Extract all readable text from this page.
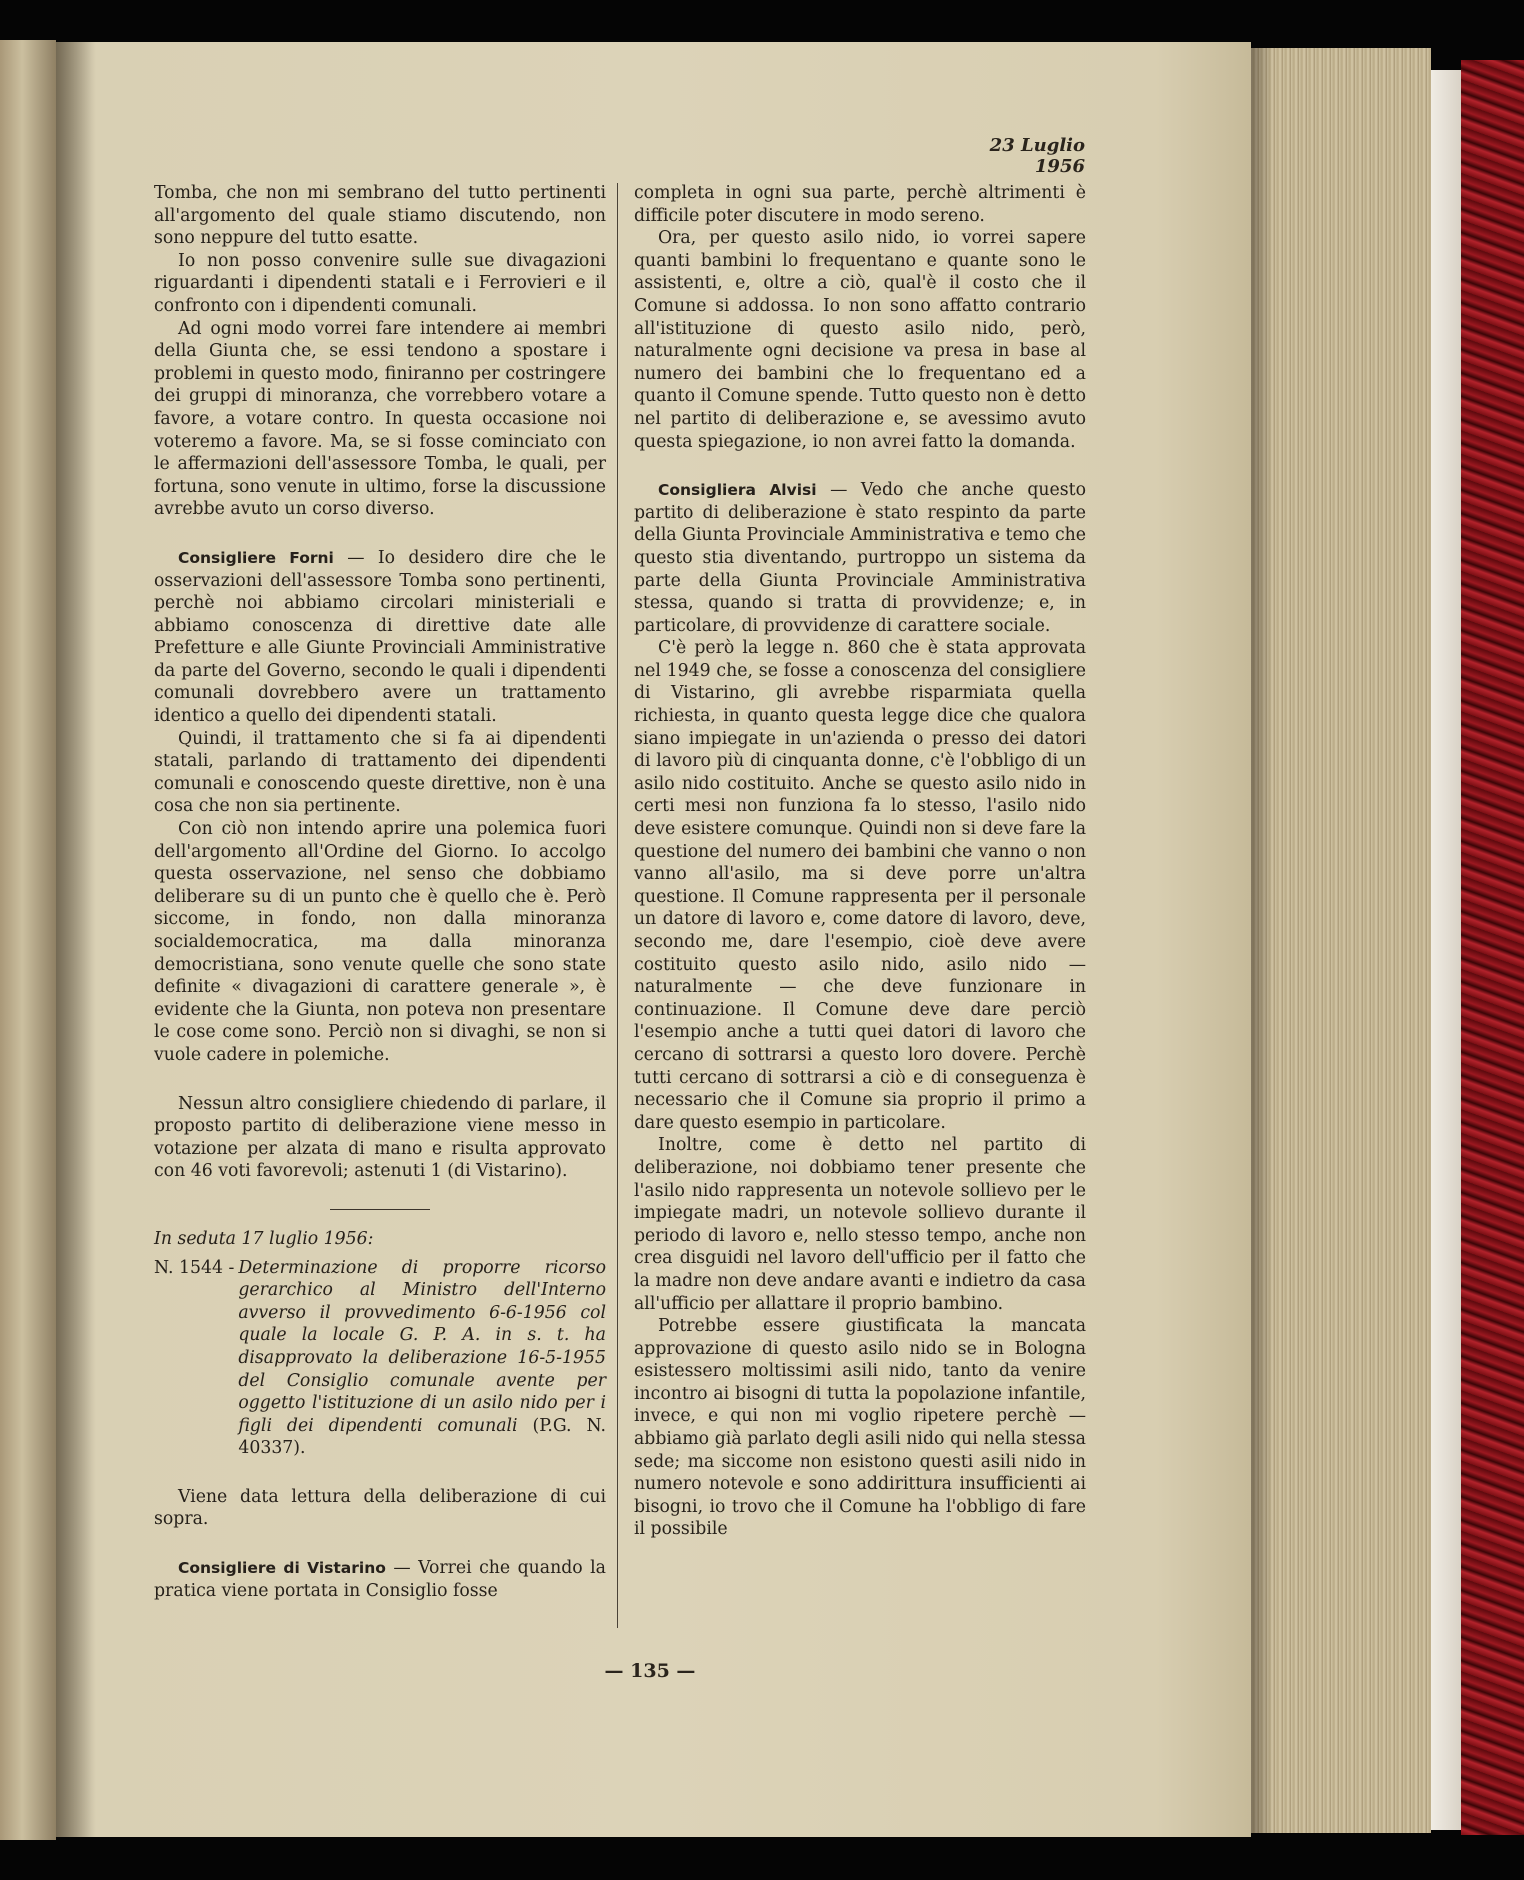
23 Luglio 1956

Tomba, che non mi sembrano del tutto pertinenti all'argomento del quale stiamo discutendo, non sono neppure del tutto esatte.

Io non posso convenire sulle sue divagazioni riguardanti i dipendenti statali e i Ferrovieri e il confronto con i dipendenti comunali.

Ad ogni modo vorrei fare intendere ai membri della Giunta che, se essi tendono a spostare i problemi in questo modo, finiranno per costringere dei gruppi di minoranza, che vorrebbero votare a favore, a votare contro. In questa occasione noi voteremo a favore. Ma, se si fosse cominciato con le affermazioni dell'assessore Tomba, le quali, per fortuna, sono venute in ultimo, forse la discussione avrebbe avuto un corso diverso.

Consigliere Forni — Io desidero dire che le osservazioni dell'assessore Tomba sono pertinenti, perchè noi abbiamo circolari ministeriali e abbiamo conoscenza di direttive date alle Prefetture e alle Giunte Provinciali Amministrative da parte del Governo, secondo le quali i dipendenti comunali dovrebbero avere un trattamento identico a quello dei dipendenti statali.

Quindi, il trattamento che si fa ai dipendenti statali, parlando di trattamento dei dipendenti comunali e conoscendo queste direttive, non è una cosa che non sia pertinente.

Con ciò non intendo aprire una polemica fuori dell'argomento all'Ordine del Giorno. Io accolgo questa osservazione, nel senso che dobbiamo deliberare su di un punto che è quello che è. Però siccome, in fondo, non dalla minoranza socialdemocratica, ma dalla minoranza democristiana, sono venute quelle che sono state definite « divagazioni di carattere generale », è evidente che la Giunta, non poteva non presentare le cose come sono. Perciò non si divaghi, se non si vuole cadere in polemiche.

Nessun altro consigliere chiedendo di parlare, il proposto partito di deliberazione viene messo in votazione per alzata di mano e risulta approvato con 46 voti favorevoli; astenuti 1 (di Vistarino).

In seduta 17 luglio 1956:

N. 1544 - Determinazione di proporre ricorso gerarchico al Ministro dell'Interno avverso il provvedimento 6-6-1956 col quale la locale G. P. A. in s. t. ha disapprovato la deliberazione 16-5-1955 del Consiglio comunale avente per oggetto l'istituzione di un asilo nido per i figli dei dipendenti comunali (P.G. N. 40337).

Viene data lettura della deliberazione di cui sopra.

Consigliere di Vistarino — Vorrei che quando la pratica viene portata in Consiglio fosse

completa in ogni sua parte, perchè altrimenti è difficile poter discutere in modo sereno.

Ora, per questo asilo nido, io vorrei sapere quanti bambini lo frequentano e quante sono le assistenti, e, oltre a ciò, qual'è il costo che il Comune si addossa. Io non sono affatto contrario all'istituzione di questo asilo nido, però, naturalmente ogni decisione va presa in base al numero dei bambini che lo frequentano ed a quanto il Comune spende. Tutto questo non è detto nel partito di deliberazione e, se avessimo avuto questa spiegazione, io non avrei fatto la domanda.

Consigliera Alvisi — Vedo che anche questo partito di deliberazione è stato respinto da parte della Giunta Provinciale Amministrativa e temo che questo stia diventando, purtroppo un sistema da parte della Giunta Provinciale Amministrativa stessa, quando si tratta di provvidenze; e, in particolare, di provvidenze di carattere sociale.

C'è però la legge n. 860 che è stata approvata nel 1949 che, se fosse a conoscenza del consigliere di Vistarino, gli avrebbe risparmiata quella richiesta, in quanto questa legge dice che qualora siano impiegate in un'azienda o presso dei datori di lavoro più di cinquanta donne, c'è l'obbligo di un asilo nido costituito. Anche se questo asilo nido in certi mesi non funziona fa lo stesso, l'asilo nido deve esistere comunque. Quindi non si deve fare la questione del numero dei bambini che vanno o non vanno all'asilo, ma si deve porre un'altra questione. Il Comune rappresenta per il personale un datore di lavoro e, come datore di lavoro, deve, secondo me, dare l'esempio, cioè deve avere costituito questo asilo nido, asilo nido — naturalmente — che deve funzionare in continuazione. Il Comune deve dare perciò l'esempio anche a tutti quei datori di lavoro che cercano di sottrarsi a questo loro dovere. Perchè tutti cercano di sottrarsi a ciò e di conseguenza è necessario che il Comune sia proprio il primo a dare questo esempio in particolare.

Inoltre, come è detto nel partito di deliberazione, noi dobbiamo tener presente che l'asilo nido rappresenta un notevole sollievo per le impiegate madri, un notevole sollievo durante il periodo di lavoro e, nello stesso tempo, anche non crea disguidi nel lavoro dell'ufficio per il fatto che la madre non deve andare avanti e indietro da casa all'ufficio per allattare il proprio bambino.

Potrebbe essere giustificata la mancata approvazione di questo asilo nido se in Bologna esistessero moltissimi asili nido, tanto da venire incontro ai bisogni di tutta la popolazione infantile, invece, e qui non mi voglio ripetere perchè — abbiamo già parlato degli asili nido qui nella stessa sede; ma siccome non esistono questi asili nido in numero notevole e sono addirittura insufficienti ai bisogni, io trovo che il Comune ha l'obbligo di fare il possibile

— 135 —
